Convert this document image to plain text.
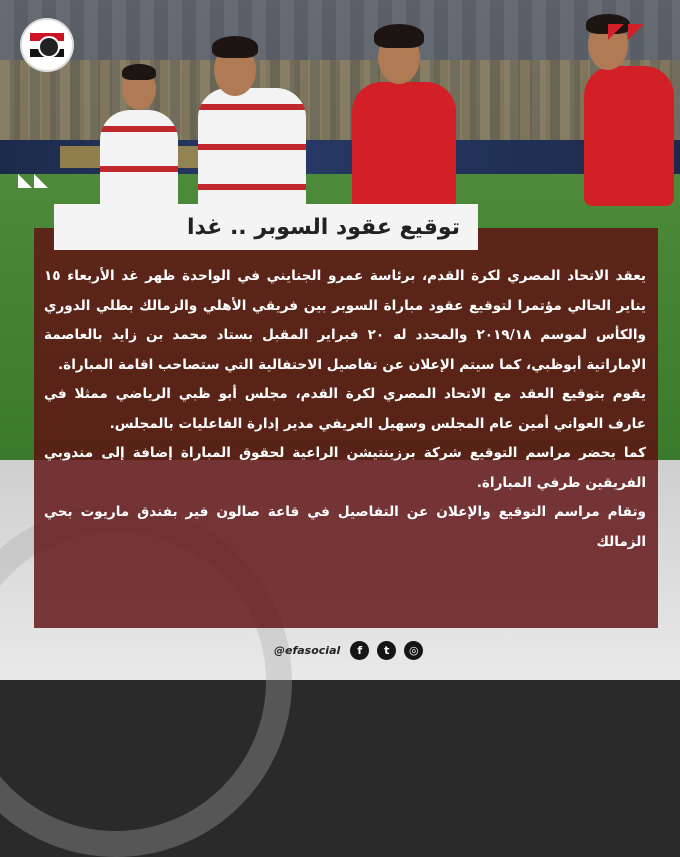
توقيع عقود السوبر .. غدا

يعقد الاتحاد المصري لكرة القدم، برئاسة عمرو الجنايني في الواحدة ظهر غد الأربعاء ١٥ يناير الحالي مؤتمرا لتوقيع عقود مباراة السوبر بين فريقي الأهلي والزمالك بطلي الدوري والكأس لموسم ٢٠١٩/١٨ والمحدد له ٢٠ فبراير المقبل بستاد محمد بن زايد بالعاصمة الإماراتية أبوظبي، كما سيتم الإعلان عن تفاصيل الاحتفالية التي ستصاحب اقامة المباراة.

يقوم بتوقيع العقد مع الاتحاد المصري لكرة القدم، مجلس أبو ظبي الرياضي ممثلا في عارف العواني أمين عام المجلس وسهيل العريفي مدير إدارة الفاعليات بالمجلس.

كما يحضر مراسم التوقيع شركة برزينتيشن الراعية لحقوق المباراة إضافة إلى مندوبي الفريقين طرفي المباراة.

وتقام مراسم التوقيع والإعلان عن التفاصيل في قاعة صالون فير بفندق ماريوت بحي الزمالك

@efasocial	f	t	◎
